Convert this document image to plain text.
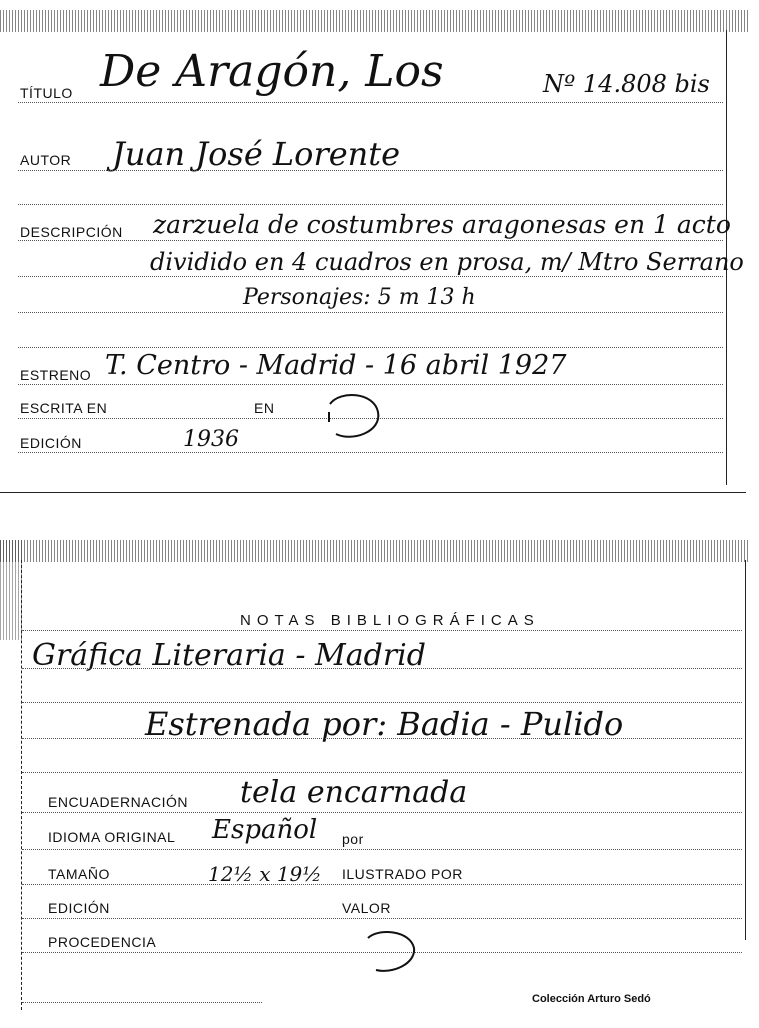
TÍTULO De Aragón, Los	Nº 14.808 bis
AUTOR Juan José Lorente
DESCRIPCIÓN zarzuela de costumbres aragonesas en 1 acto
dividido en 4 cuadros en prosa, m/ Mtro Serrano
Personajes: 5 m 13 h
ESTRENO T. Centro - Madrid - 16 abril 1927
ESCRITA EN	EN
EDICIÓN	1936
NOTAS BIBLIOGRÁFICAS
Gráfica Literaria - Madrid
Estrenada por: Badia - Pulido
ENCUADERNACIÓN tela encarnada
IDIOMA ORIGINAL Español por
TAMAÑO	12½ x 19½ ILUSTRADO POR
EDICIÓN	VALOR
PROCEDENCIA
Colección Arturo Sedó
